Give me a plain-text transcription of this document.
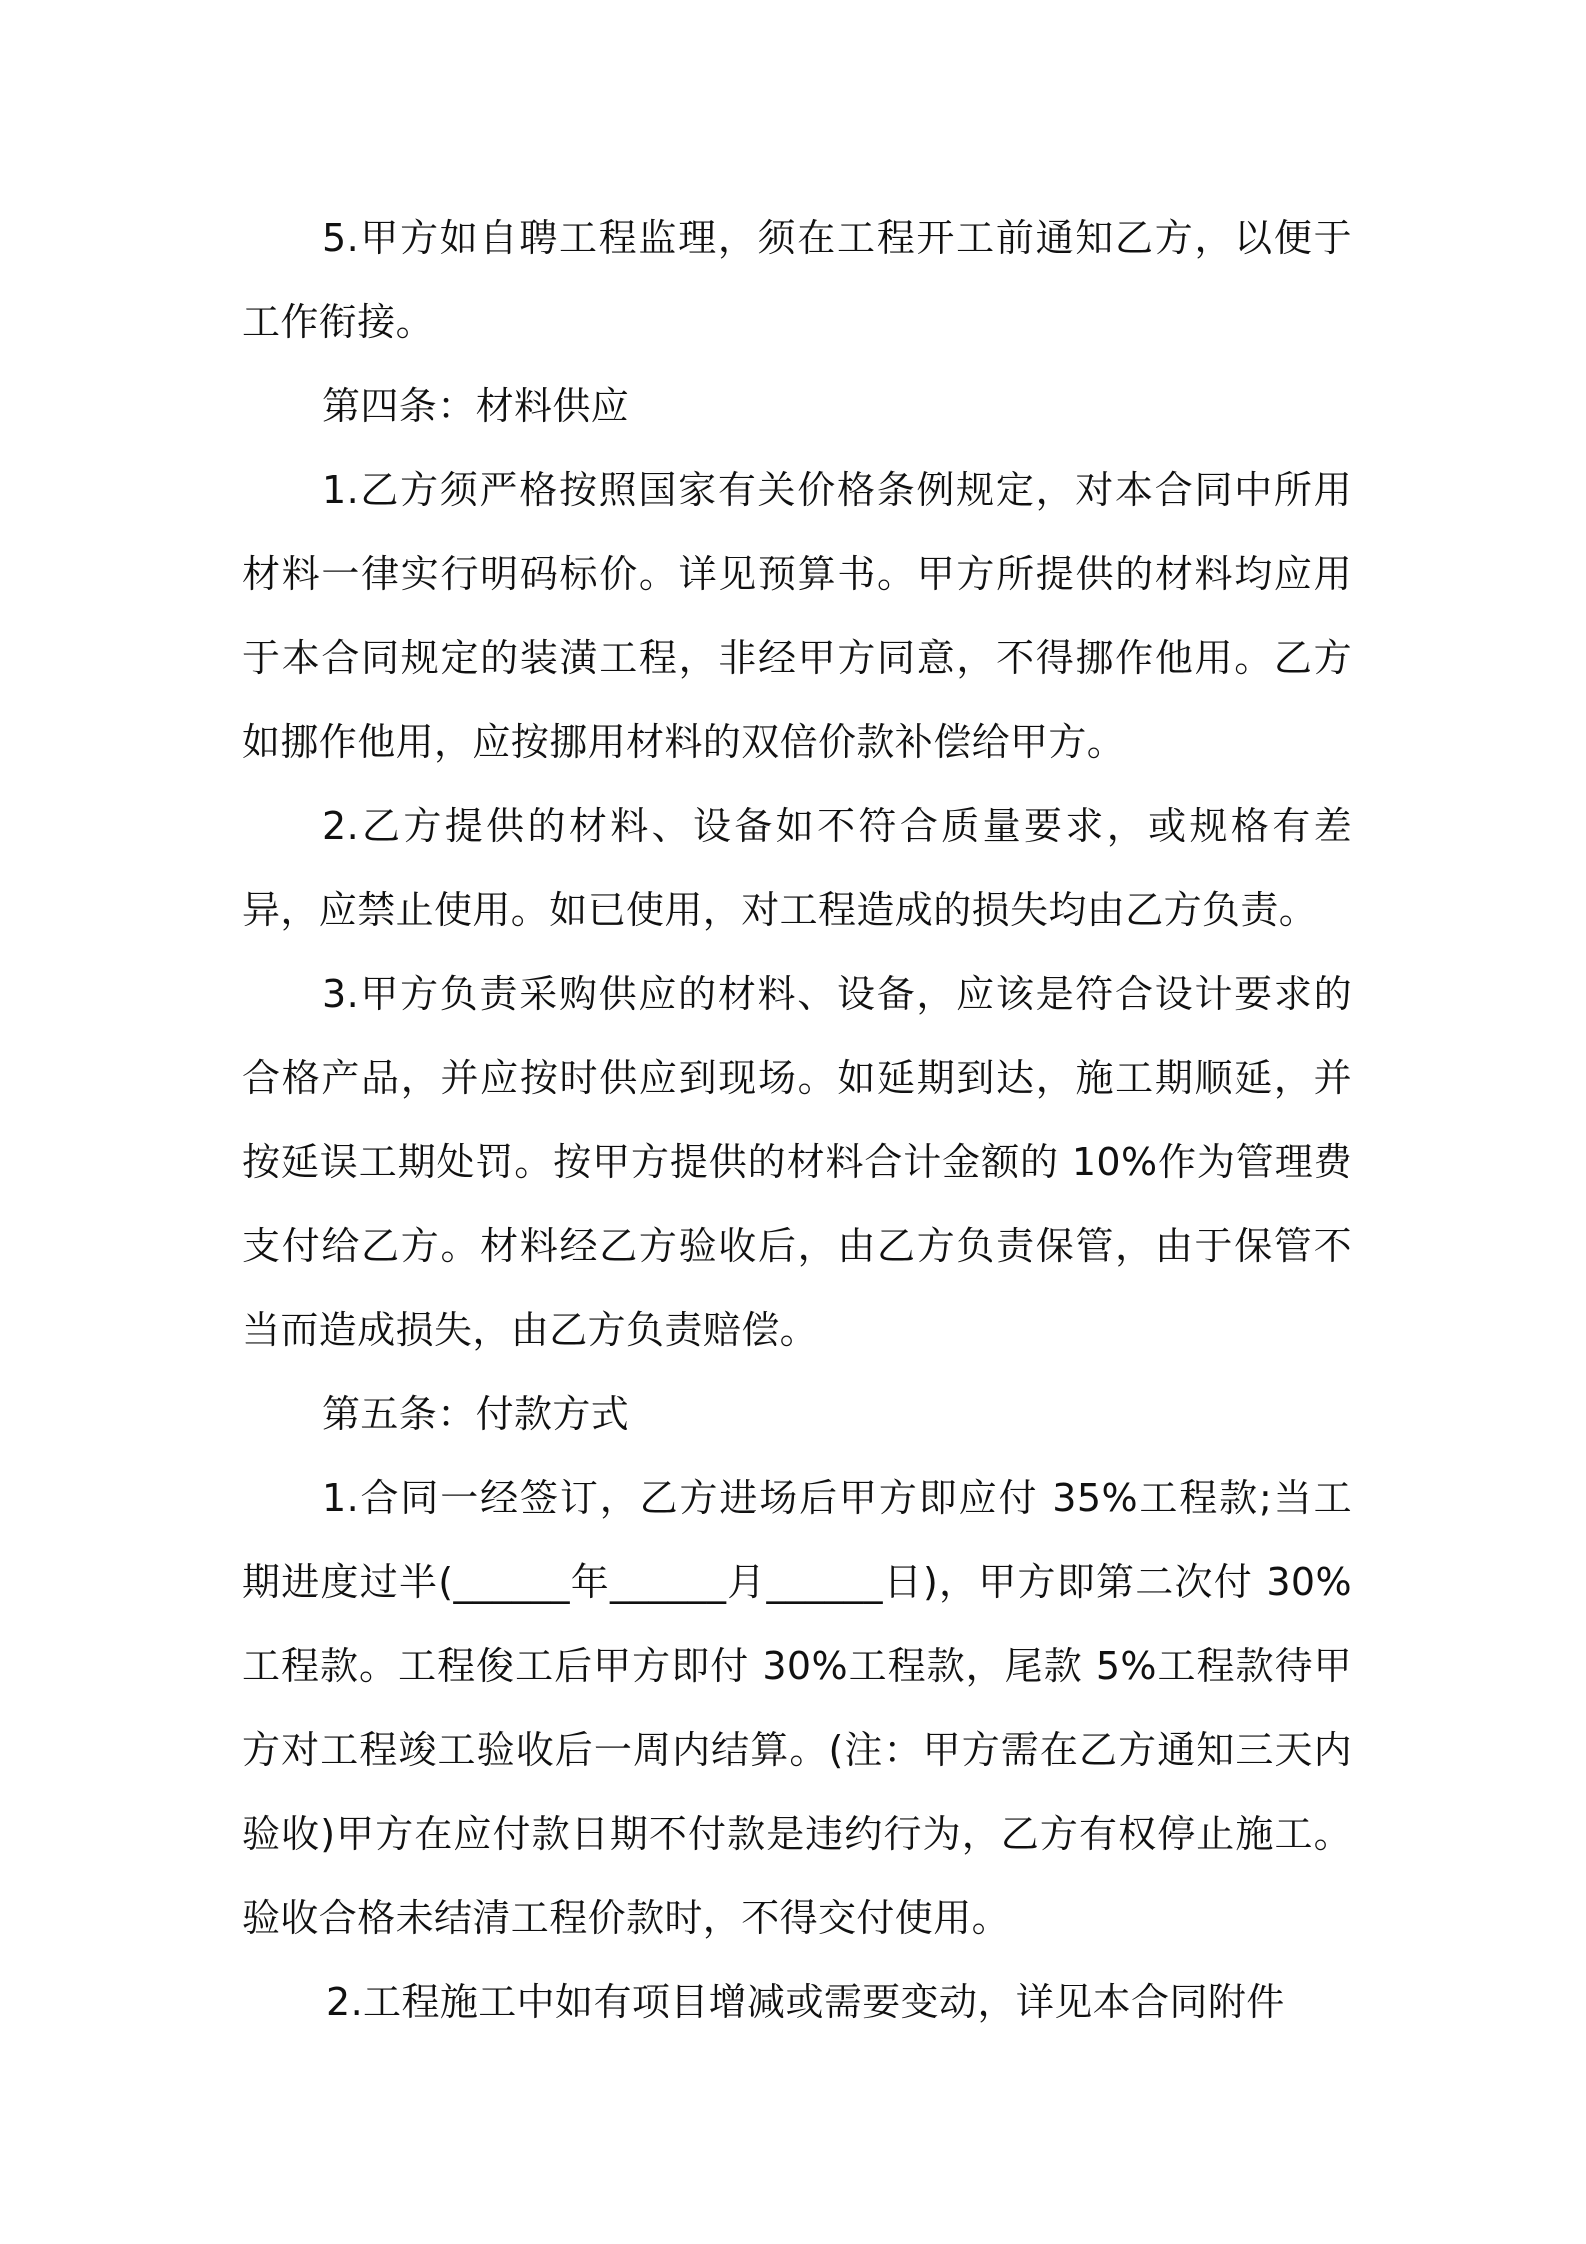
5.甲方如自聘工程监理，须在工程开工前通知乙方，以便于工作衔接。

第四条：材料供应

1.乙方须严格按照国家有关价格条例规定，对本合同中所用材料一律实行明码标价。详见预算书。甲方所提供的材料均应用于本合同规定的装潢工程，非经甲方同意，不得挪作他用。乙方如挪作他用，应按挪用材料的双倍价款补偿给甲方。

2.乙方提供的材料、设备如不符合质量要求，或规格有差异，应禁止使用。如已使用，对工程造成的损失均由乙方负责。

3.甲方负责采购供应的材料、设备，应该是符合设计要求的合格产品，并应按时供应到现场。如延期到达，施工期顺延，并按延误工期处罚。按甲方提供的材料合计金额的 10%作为管理费支付给乙方。材料经乙方验收后，由乙方负责保管，由于保管不当而造成损失，由乙方负责赔偿。

第五条：付款方式

1.合同一经签订，乙方进场后甲方即应付 35%工程款;当工期进度过半(______年______月______日)，甲方即第二次付 30%工程款。工程俊工后甲方即付 30%工程款，尾款 5%工程款待甲方对工程竣工验收后一周内结算。(注：甲方需在乙方通知三天内验收)甲方在应付款日期不付款是违约行为，乙方有权停止施工。验收合格未结清工程价款时，不得交付使用。

2.工程施工中如有项目增减或需要变动，详见本合同附件
